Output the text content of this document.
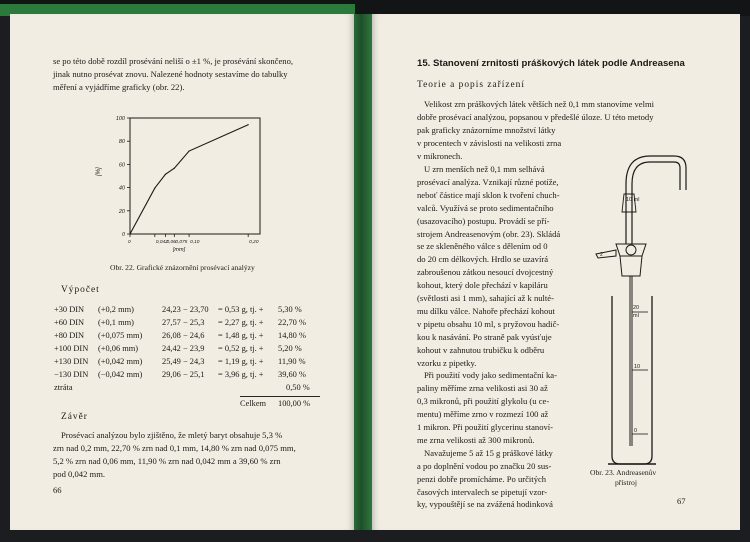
se po této době rozdíl prosévání neliší o ±1 %, je prosévání skončeno,
jinak nutno prosévat znovu. Nalezené hodnoty sestavíme do tabulky
měření a vyjádříme graficky (obr. 22).
0
20
40
60
80
100
0	0,042
0,06 0,075 0,10	0,20
[%]
[mm]
Obr. 22. Grafické znázornění prosévací analýzy
Výpočet
+30 DIN (+0,2 mm)	24,23 − 23,70 = 0,53 g, tj. + 5,30 %
+60 DIN (+0,1 mm)	27,57 − 25,3 = 2,27 g, tj. + 22,70 %
+80 DIN (+0,075 mm) 26,08 − 24,6 = 1,48 g, tj. + 14,80 %
+100 DIN (+0,06 mm)	24,42 − 23,9 = 0,52 g, tj. + 5,20 %
+130 DIN (+0,042 mm) 25,49 − 24,3 = 1,19 g, tj. + 11,90 %
−130 DIN (−0,042 mm) 29,06 − 25,1 = 3,96 g, tj. + 39,60 %
ztráta	0,50 %
Celkem 100,00 %
Závěr
Prosévací analýzou bylo zjištěno, že mletý baryt obsahuje 5,3 %
zrn nad 0,2 mm, 22,70 % zrn nad 0,1 mm, 14,80 % zrn nad 0,075 mm,
5,2 % zrn nad 0,06 mm, 11,90 % zrn nad 0,042 mm a 39,60 % zrn
pod 0,042 mm.
66
15. Stanovení zrnitosti práškových látek podle Andreasena
Teorie a popis zařízení
Velikost zrn práškových látek větších než 0,1 mm stanovíme velmi
dobře prosévací analýzou, popsanou v předešlé úloze. U této metody
pak graficky znázorníme množství látky
v procentech v závislosti na velikosti zrna
v mikronech.
U zrn menších než 0,1 mm selhává
prosévací analýza. Vznikají různé potíže,
neboť částice mají sklon k tvoření chuch-
valců. Využívá se proto sedimentačního
(usazovacího) postupu. Provádí se pří-
strojem Andreasenovým (obr. 23). Skládá
se ze skleněného válce s dělením od 0
do 20 cm délkových. Hrdlo se uzavírá
zabroušenou zátkou nesoucí dvojcestný
kohout, který dole přechází v kapiláru
(světlosti asi 1 mm), sahající až k nulté-
mu dílku válce. Nahoře přechází kohout
v pipetu obsahu 10 ml, s pryžovou hadič-
kou k nasávání. Po straně pak vyúsťuje
kohout v zahnutou trubičku k odběru
vzorku z pipetky.
Při použití vody jako sedimentační ka-
paliny měříme zrna velikosti asi 30 až
0,3 mikronů, při použití glykolu (u ce-
mentu) měříme zrno v rozmezí 100 až
1 mikron. Při použití glycerinu stanoví-
me zrna velikosti až 300 mikronů.
Navažujeme 5 až 15 g práškové látky
a po doplnění vodou po značku 20 sus-
penzi dobře promícháme. Po určitých
časových intervalech se pipetují vzor-
ky, vypouštějí se na zvážená hodinková
10 ml
2
20
ml
10
0
Obr. 23. Andreasenův
přístroj
67
